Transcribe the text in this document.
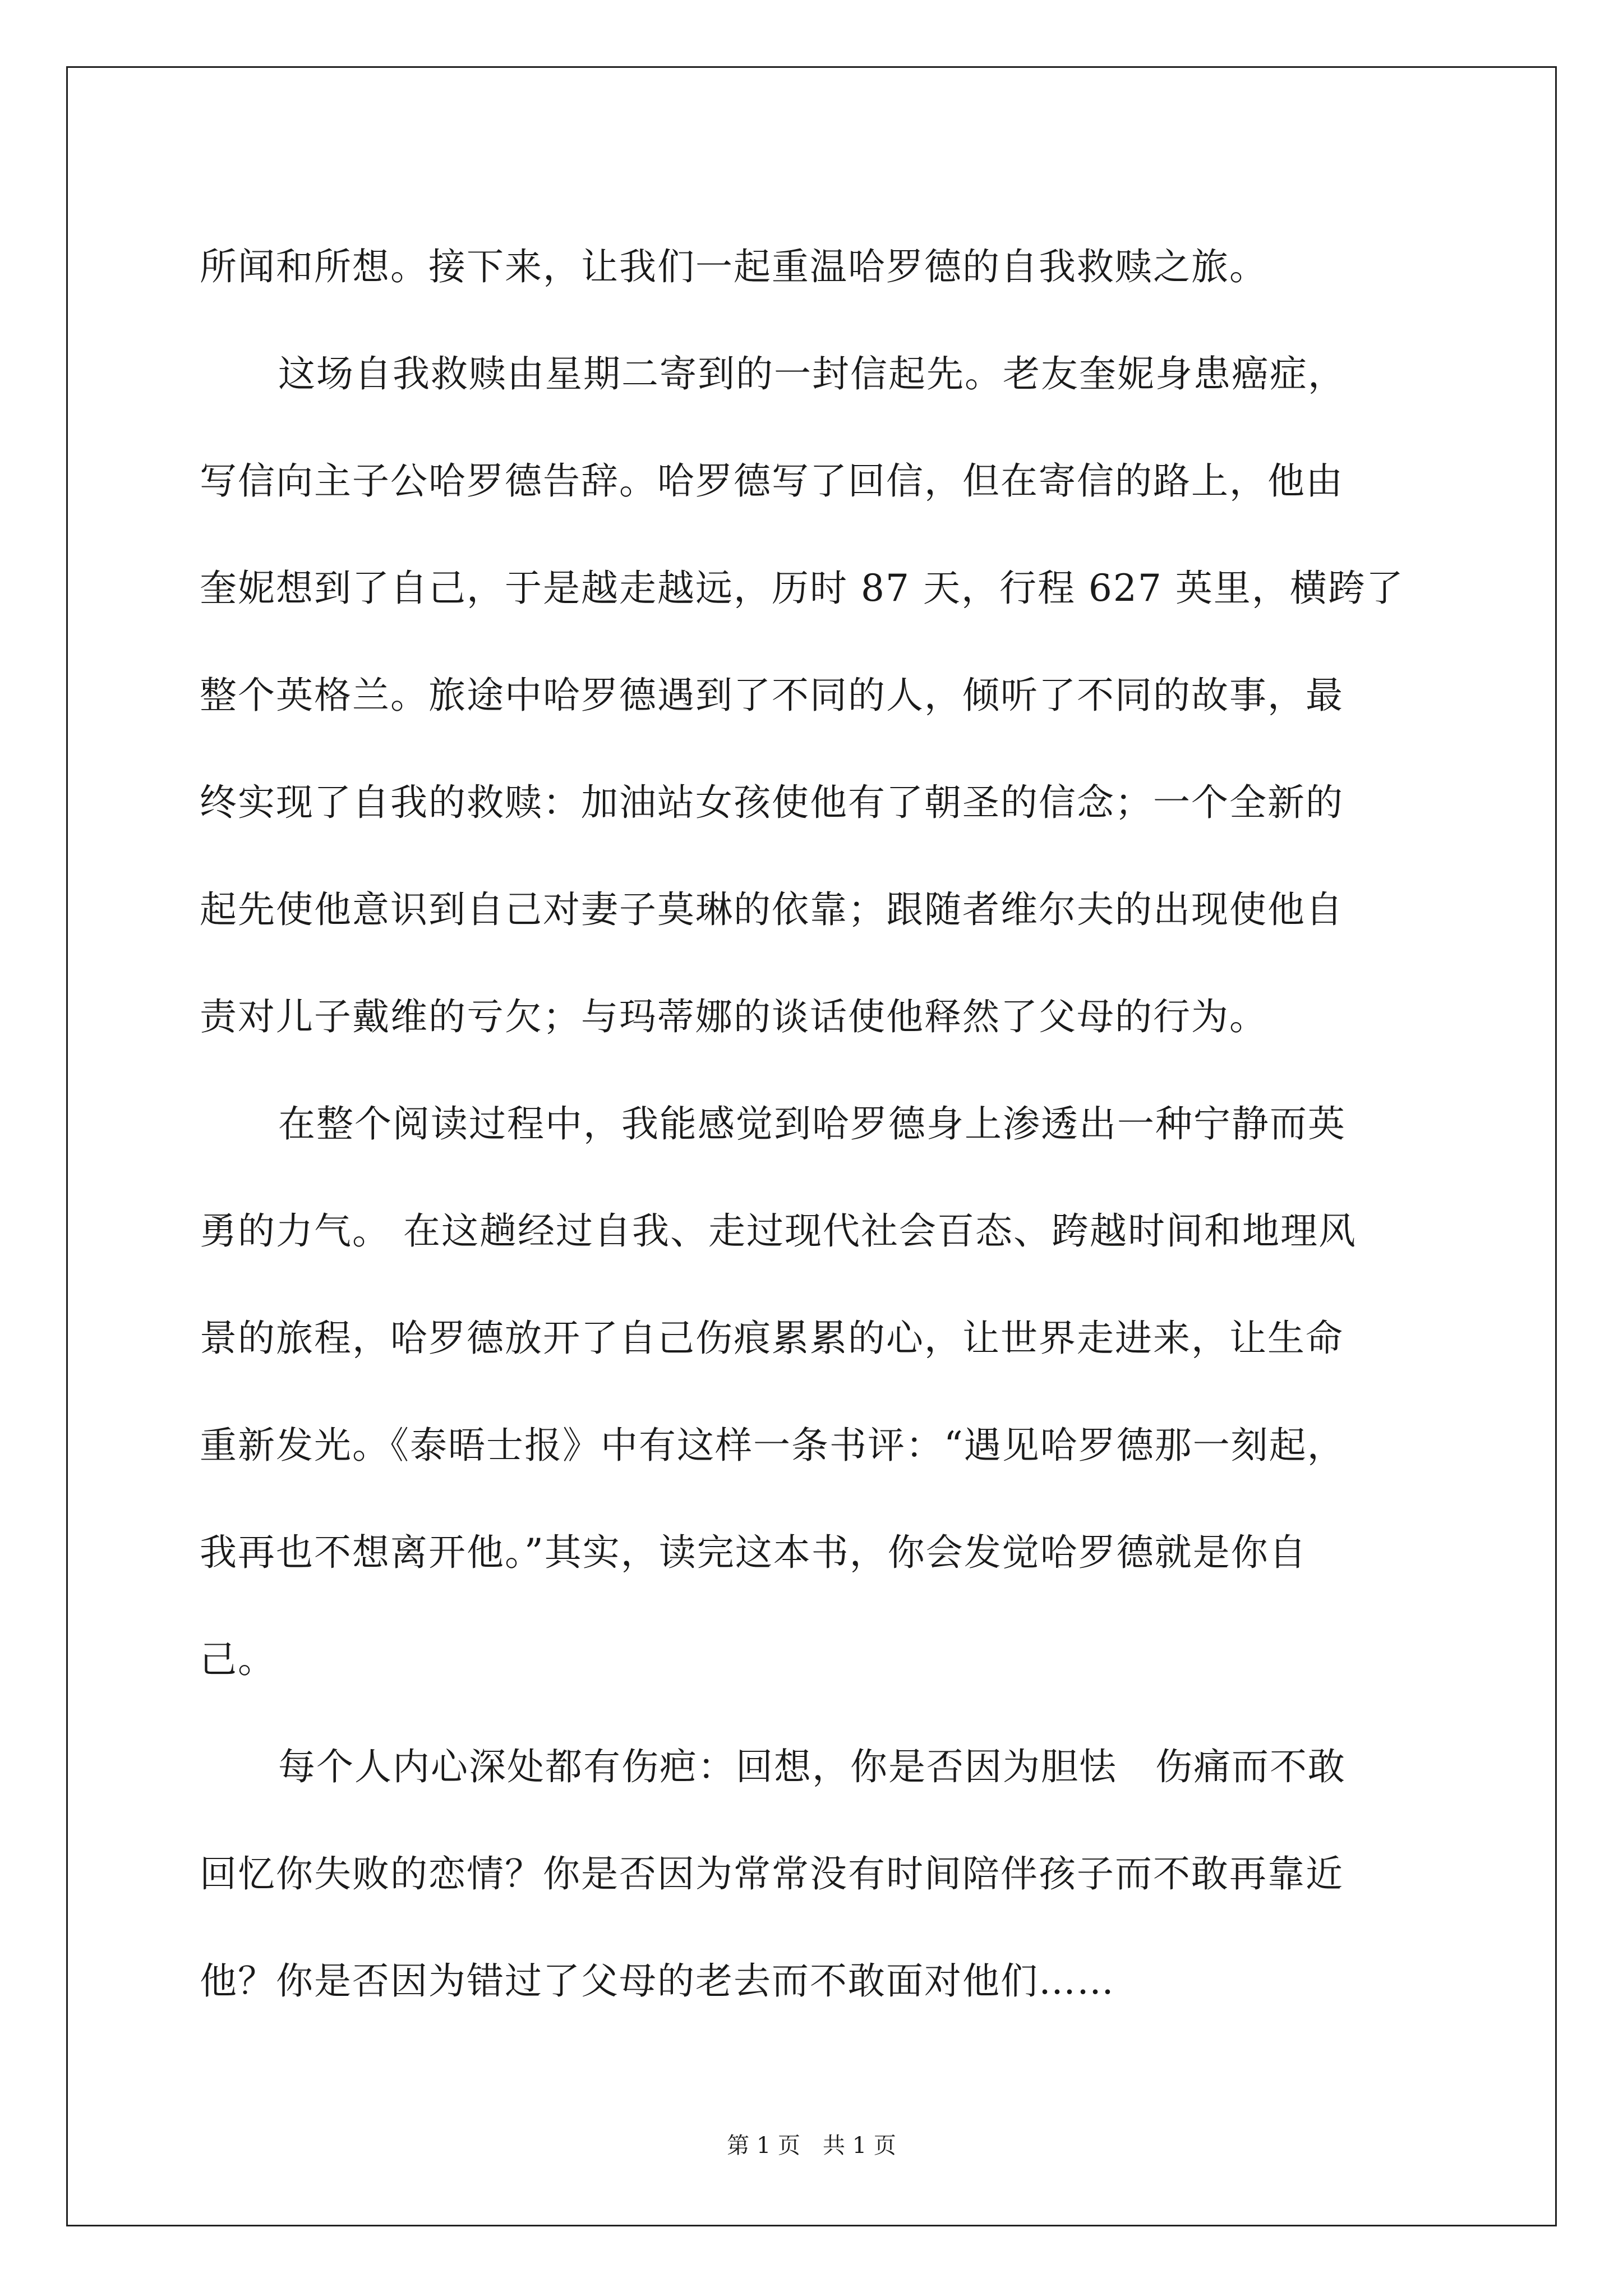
所闻和所想。接下来，让我们一起重温哈罗德的自我救赎之旅。
这场自我救赎由星期二寄到的一封信起先。老友奎妮身患癌症，
写信向主子公哈罗德告辞。哈罗德写了回信，但在寄信的路上，他由
奎妮想到了自己，于是越走越远，历时 87 天，行程 627 英里，横跨了
整个英格兰。旅途中哈罗德遇到了不同的人，倾听了不同的故事，最
终实现了自我的救赎：加油站女孩使他有了朝圣的信念；一个全新的
起先使他意识到自己对妻子莫琳的依靠；跟随者维尔夫的出现使他自
责对儿子戴维的亏欠；与玛蒂娜的谈话使他释然了父母的行为。
在整个阅读过程中，我能感觉到哈罗德身上渗透出一种宁静而英
勇的力气。 在这趟经过自我、走过现代社会百态、跨越时间和地理风
景的旅程，哈罗德放开了自己伤痕累累的心，让世界走进来，让生命
重新发光。《泰晤士报》中有这样一条书评：“遇见哈罗德那一刻起，
我再也不想离开他。”其实，读完这本书，你会发觉哈罗德就是你自
己。
每个人内心深处都有伤疤：回想，你是否因为胆怯　伤痛而不敢
回忆你失败的恋情？你是否因为常常没有时间陪伴孩子而不敢再靠近
他？你是否因为错过了父母的老去而不敢面对他们……
第 1 页　共 1 页
